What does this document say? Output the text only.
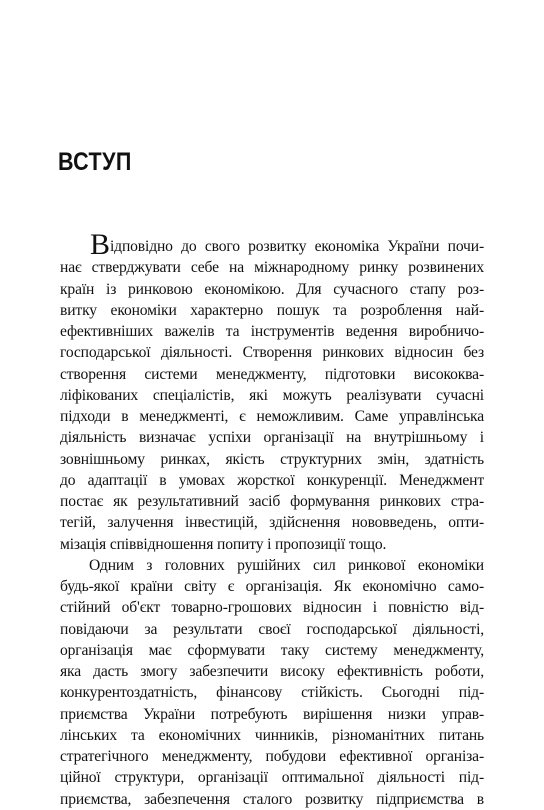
ВСТУП
В ідповідно до свого розвитку економіка України почи-
нає стверджувати себе на міжнародному ринку розвинених
країн із ринковою економікою. Для сучасного стапу роз-
витку економіки характерно пошук та розроблення най-
ефективніших важелів та інструментів ведення виробничо-
господарської діяльності. Створення ринкових відносин без
створення системи менеджменту, підготовки висококва-
ліфікованих спеціалістів, які можуть реалізувати сучасні
підходи в менеджменті, є неможливим. Саме управлінська
діяльність визначає успіхи організації на внутрішньому і
зовнішньому ринках, якість структурних змін, здатність
до адаптації в умовах жорсткої конкуренції. Менеджмент
постає як результативний засіб формування ринкових стра-
тегій, залучення інвестицій, здійснення нововведень, опти-
мізація співвідношення попиту і пропозиції тощо.
Одним з головних рушійних сил ринкової економіки
будь-якої країни світу є організація. Як економічно само-
стійний об'єкт товарно-грошових відносин і повністю від-
повідаючи за результати своєї господарської діяльності,
організація має сформувати таку систему менеджменту,
яка дасть змогу забезпечити високу ефективність роботи,
конкурентоздатність, фінансову стійкість. Сьогодні під-
приємства України потребують вирішення низки управ-
лінських та економічних чинників, різноманітних питань
стратегічного менеджменту, побудови ефективної організа-
ційної структури, організації оптимальної діяльності під-
приємства, забезпечення сталого розвитку підприємства в
